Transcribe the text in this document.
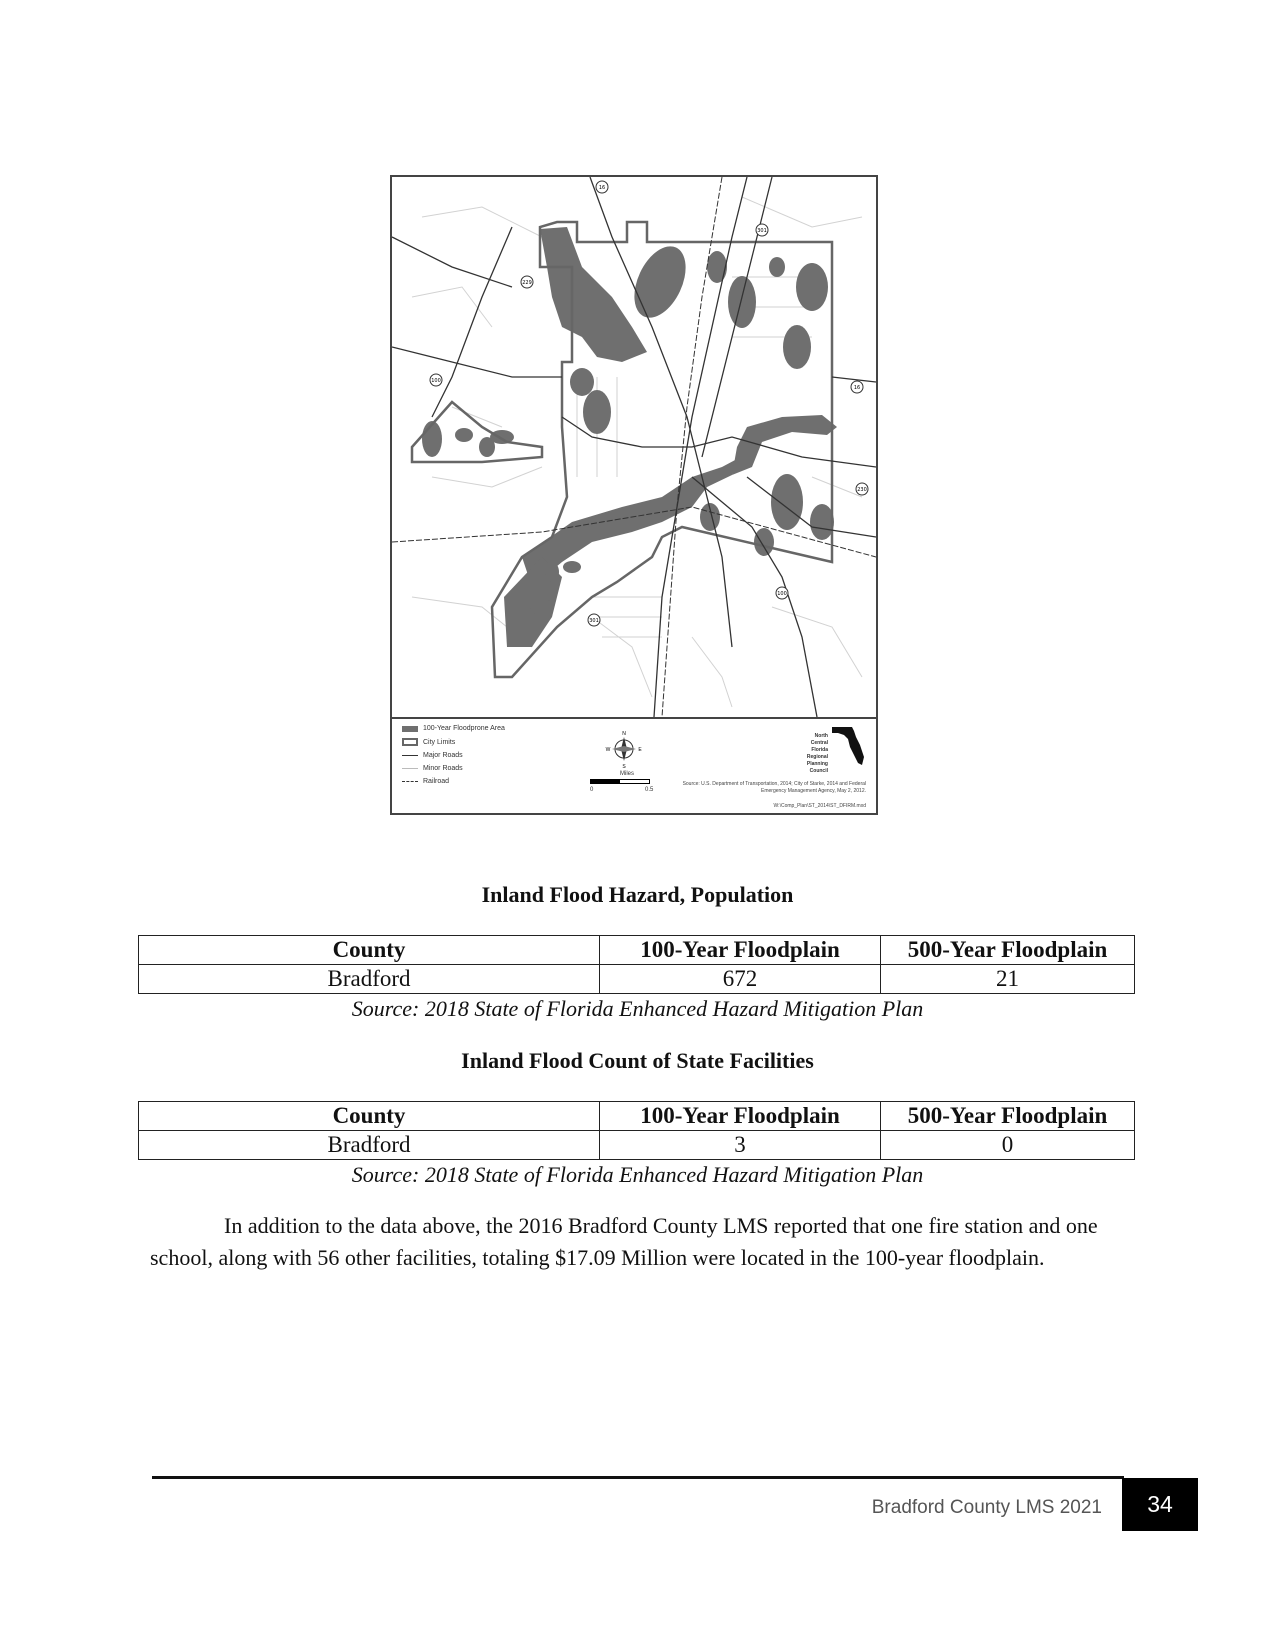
16
301
229
100
16
230
100
301
100-Year Floodprone Area
City Limits
Major Roads
Minor Roads
Railroad
N
E
S
W
Miles
0	0.5
North
Central
Florida
Regional
Planning
Council
Source: U.S. Department of Transportation, 2014; City of Starke, 2014 and Federal Emergency Management Agency, May 2, 2012.
W:\Comp_Plan\ST_2014\ST_DFIRM.mxd
Inland Flood Hazard, Population
County	100-Year Floodplain	500-Year Floodplain
Bradford	672	21
Source: 2018 State of Florida Enhanced Hazard Mitigation Plan
Inland Flood Count of State Facilities
County	100-Year Floodplain	500-Year Floodplain
Bradford	3	0
Source: 2018 State of Florida Enhanced Hazard Mitigation Plan

In addition to the data above, the 2016 Bradford County LMS reported that one fire station and one school, along with 56 other facilities, totaling $17.09 Million were located in the 100-year floodplain.

Bradford County LMS 2021	34
